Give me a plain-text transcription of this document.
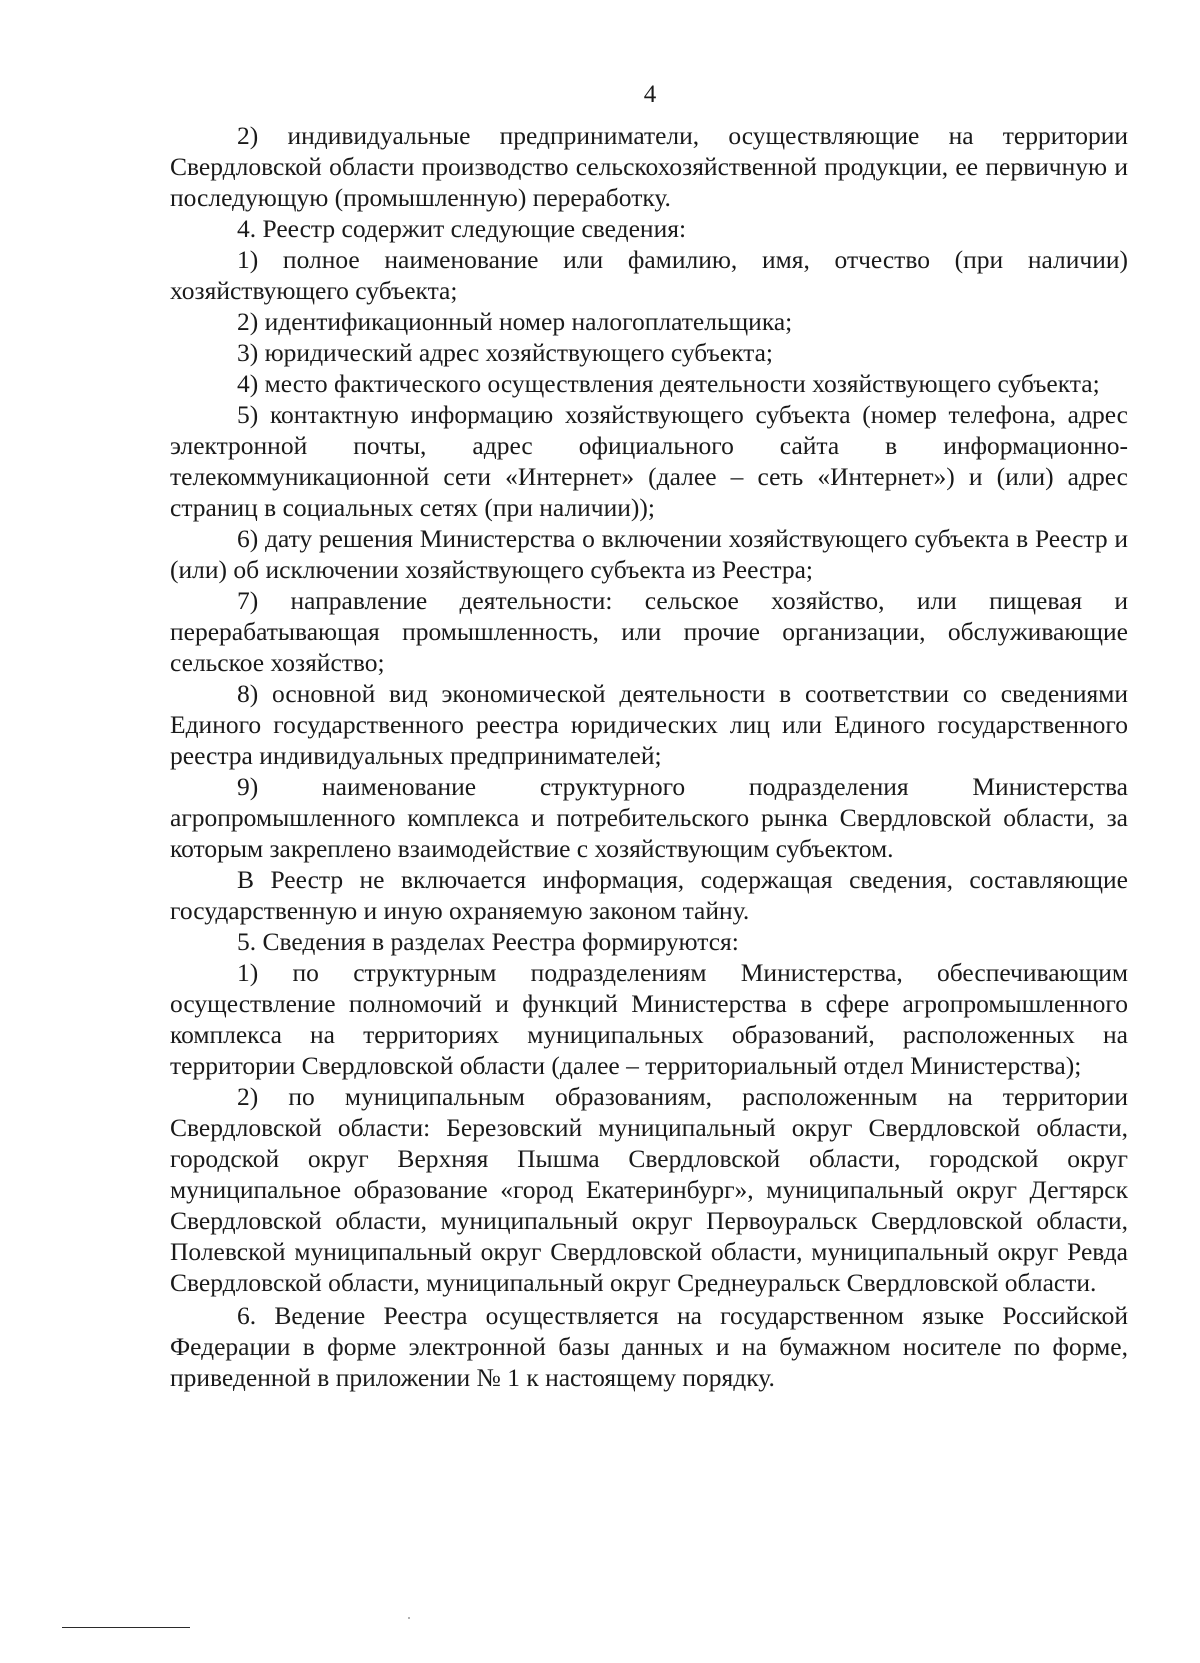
4

2) индивидуальные предприниматели, осуществляющие на территории Свердловской области производство сельскохозяйственной продукции, ее первичную и последующую (промышленную) переработку.

4. Реестр содержит следующие сведения:

1) полное наименование или фамилию, имя, отчество (при наличии) хозяйствующего субъекта;

2) идентификационный номер налогоплательщика;

3) юридический адрес хозяйствующего субъекта;

4) место фактического осуществления деятельности хозяйствующего субъекта;

5) контактную информацию хозяйствующего субъекта (номер телефона, адрес электронной почты, адрес официального сайта в информационно-телекоммуникационной сети «Интернет» (далее – сеть «Интернет») и (или) адрес страниц в социальных сетях (при наличии));

6) дату решения Министерства о включении хозяйствующего субъекта в Реестр и (или) об исключении хозяйствующего субъекта из Реестра;

7) направление деятельности: сельское хозяйство, или пищевая и перерабатывающая промышленность, или прочие организации, обслуживающие сельское хозяйство;

8) основной вид экономической деятельности в соответствии со сведениями Единого государственного реестра юридических лиц или Единого государственного реестра индивидуальных предпринимателей;

9) наименование структурного подразделения Министерства агропромышленного комплекса и потребительского рынка Свердловской области, за которым закреплено взаимодействие с хозяйствующим субъектом.

В Реестр не включается информация, содержащая сведения, составляющие государственную и иную охраняемую законом тайну.

5. Сведения в разделах Реестра формируются:

1) по структурным подразделениям Министерства, обеспечивающим осуществление полномочий и функций Министерства в сфере агропромышленного комплекса на территориях муниципальных образований, расположенных на территории Свердловской области (далее – территориальный отдел Министерства);

2) по муниципальным образованиям, расположенным на территории Свердловской области: Березовский муниципальный округ Свердловской области, городской округ Верхняя Пышма Свердловской области, городской округ муниципальное образование «город Екатеринбург», муниципальный округ Дегтярск Свердловской области, муниципальный округ Первоуральск Свердловской области, Полевской муниципальный округ Свердловской области, муниципальный округ Ревда Свердловской области, муниципальный округ Среднеуральск Свердловской области.

6. Ведение Реестра осуществляется на государственном языке Российской Федерации в форме электронной базы данных и на бумажном носителе по форме, приведенной в приложении № 1 к настоящему порядку.
